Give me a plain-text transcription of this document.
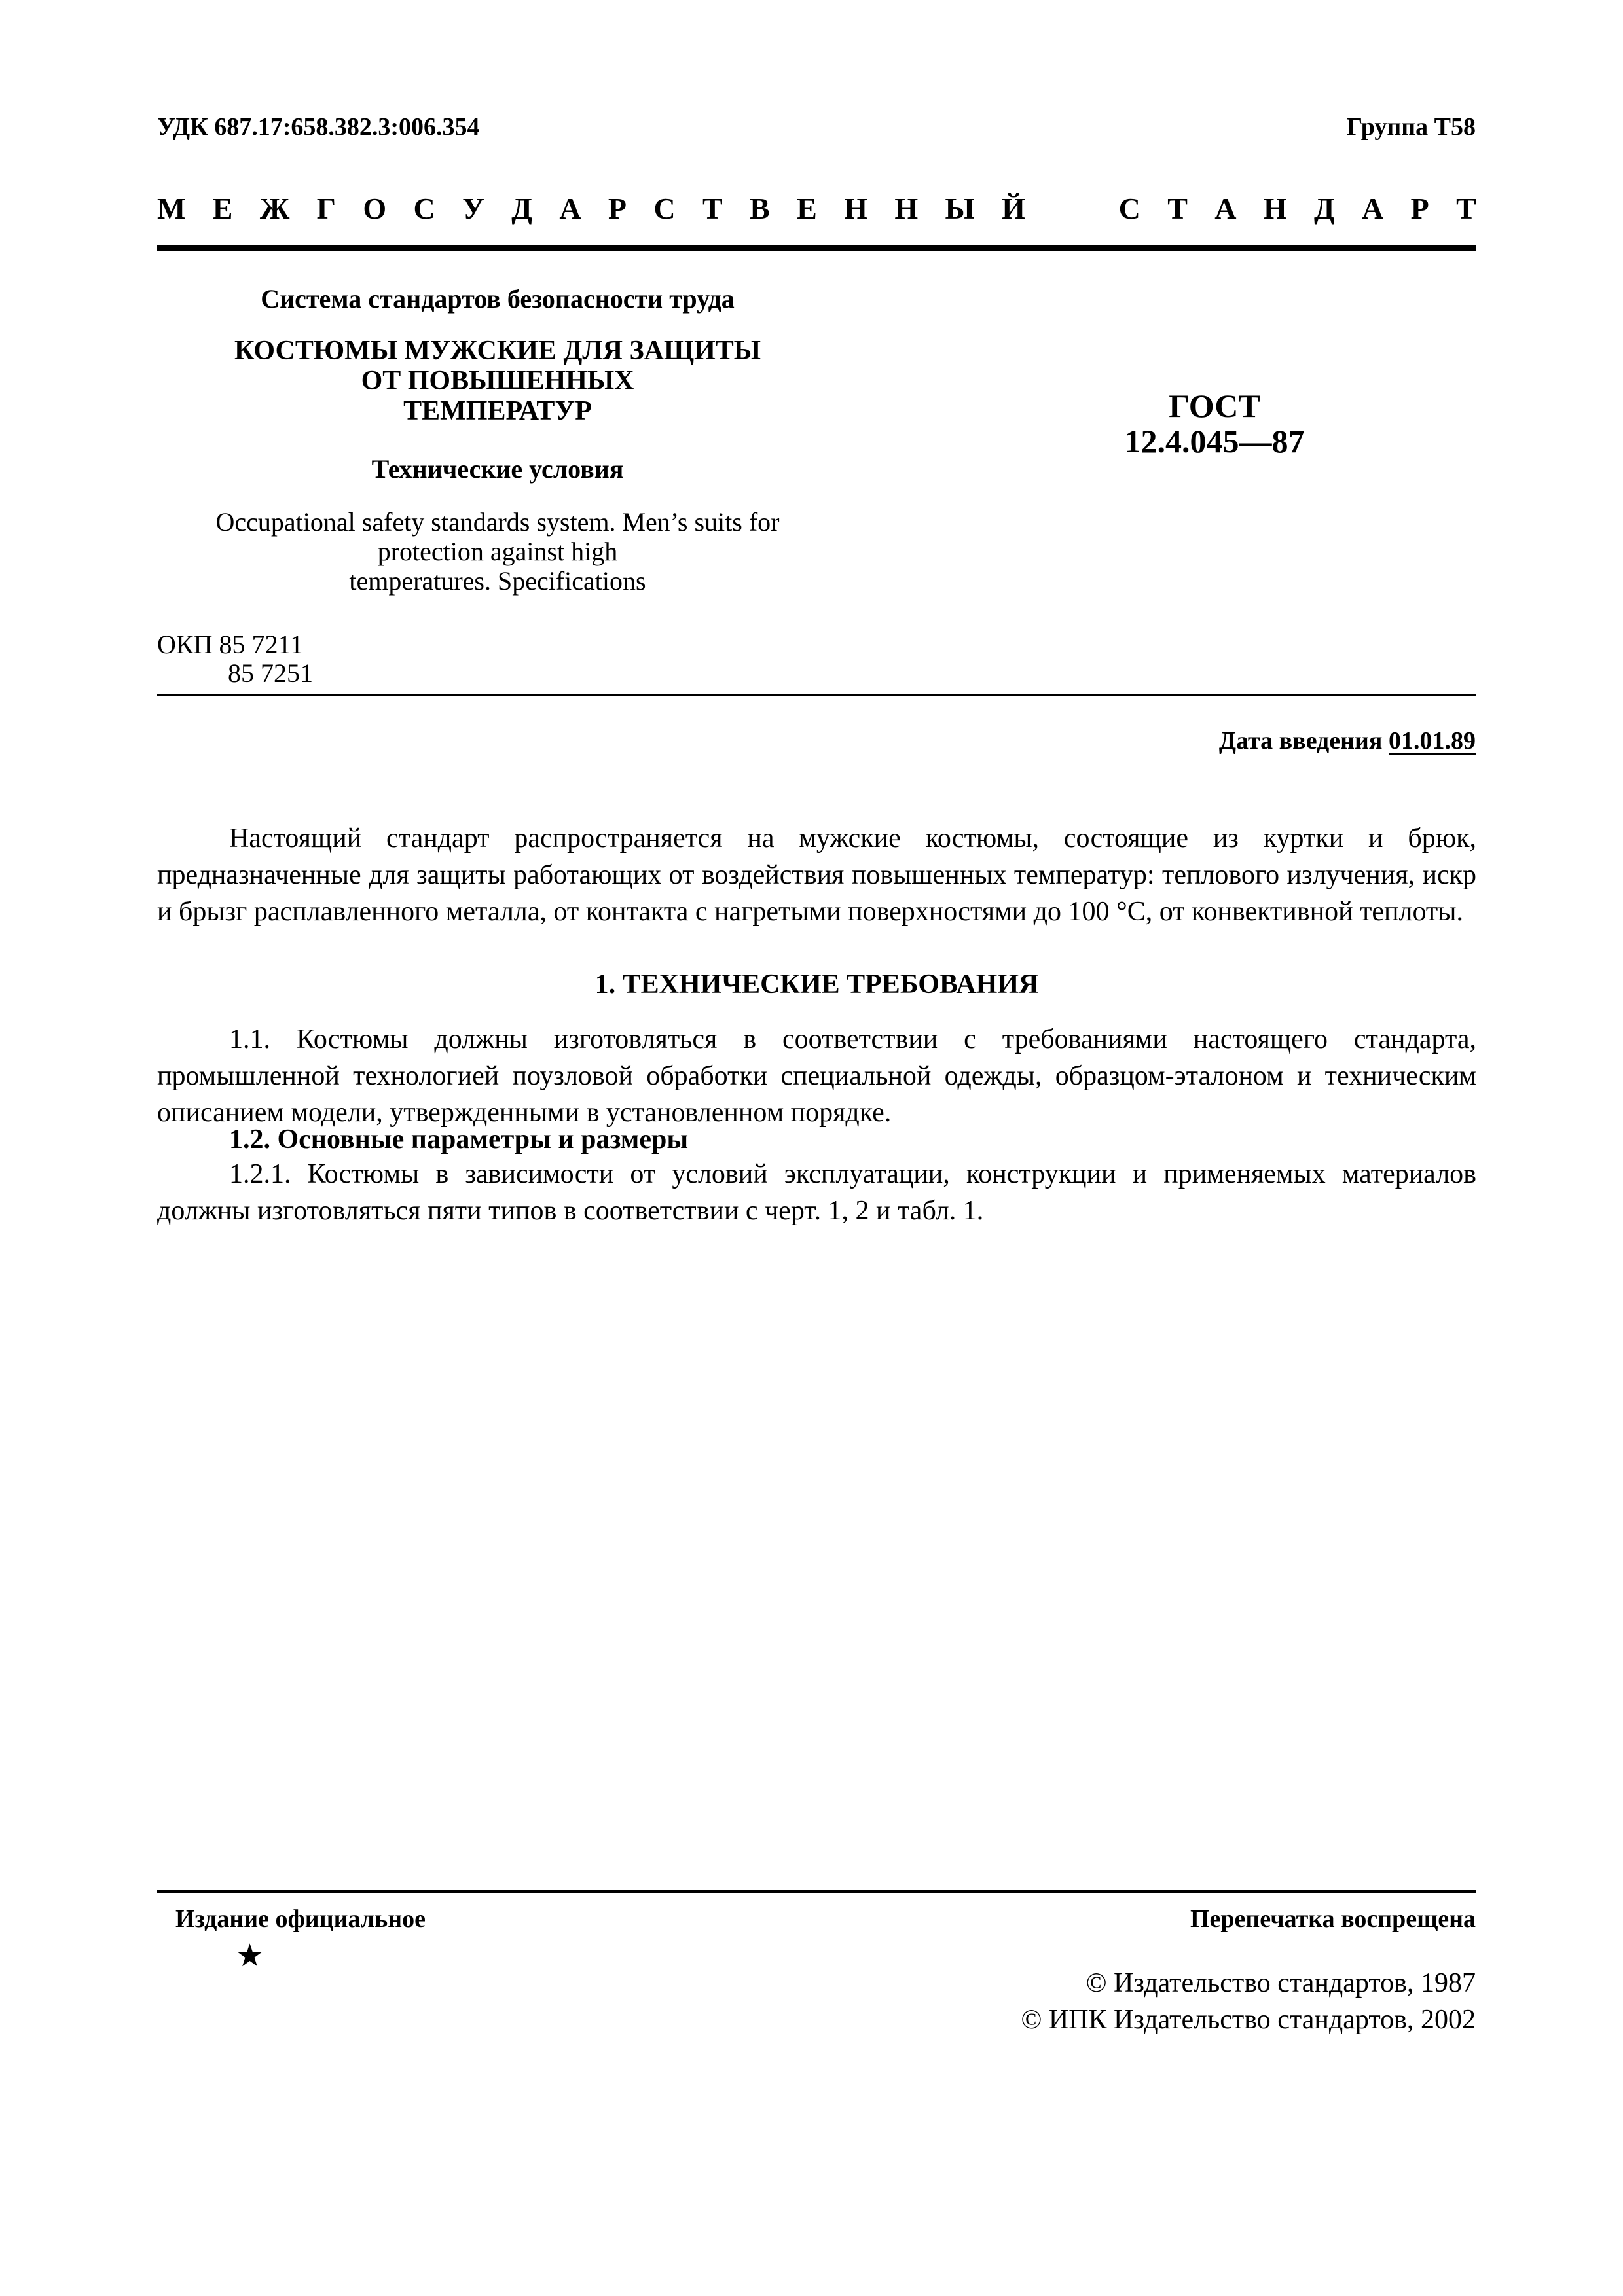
УДК 687.17:658.382.3:006.354	Группа Т58
М Е Ж Г О С У Д А Р С Т В Е Н Н Ы Й	С Т А Н Д А Р Т
Система стандартов безопасности труда
КОСТЮМЫ МУЖСКИЕ ДЛЯ ЗАЩИТЫ
ОТ ПОВЫШЕННЫХ
ТЕМПЕРАТУР
Технические условия
Occupational safety standards system. Men’s suits for
protection against high
temperatures. Specifications
ГОСТ
12.4.045—87
ОКП 85 7211
85 7251
Дата введения 01.01.89
Настоящий стандарт распространяется на мужские костюмы, состоящие из куртки и брюк, предназначенные для защиты работающих от воздействия повышенных температур: теплового излучения, искр и брызг расплавленного металла, от контакта с нагретыми поверхностями до 100 °С, от конвективной теплоты.
1. ТЕХНИЧЕСКИЕ ТРЕБОВАНИЯ
1.1. Костюмы должны изготовляться в соответствии с требованиями настоящего стандарта, промышленной технологией поузловой обработки специальной одежды, образцом-эталоном и техническим описанием модели, утвержденными в установленном порядке.
1.2. Основные параметры и размеры
1.2.1. Костюмы в зависимости от условий эксплуатации, конструкции и применяемых материалов должны изготовляться пяти типов в соответствии с черт. 1, 2 и табл. 1.
Издание официальное	Перепечатка воспрещена
★
© Издательство стандартов, 1987
© ИПК Издательство стандартов, 2002
